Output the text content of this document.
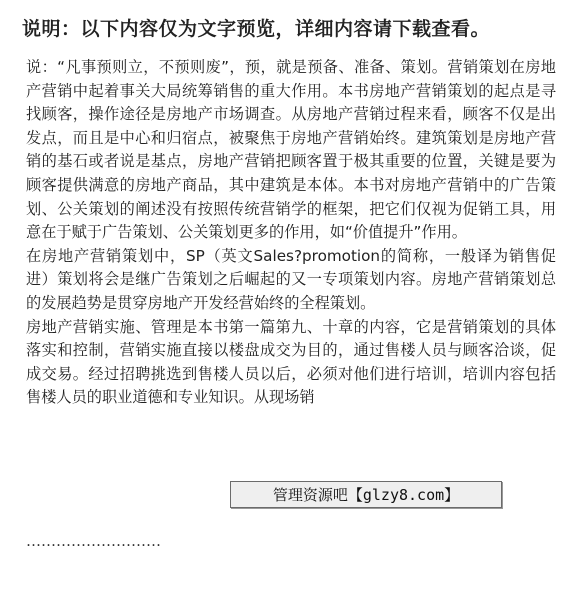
说明：以下内容仅为文字预览，详细内容请下载查看。

说：“凡事预则立，不预则废”，预，就是预备、准备、策划。营销策划在房地产营销中起着事关大局统筹销售的重大作用。本书房地产营销策划的起点是寻找顾客，操作途径是房地产市场调查。从房地产营销过程来看，顾客不仅是出发点，而且是中心和归宿点，被聚焦于房地产营销始终。建筑策划是房地产营销的基石或者说是基点，房地产营销把顾客置于极其重要的位置，关键是要为顾客提供满意的房地产商品，其中建筑是本体。本书对房地产营销中的广告策划、公关策划的阐述没有按照传统营销学的框架，把它们仅视为促销工具，用意在于赋于广告策划、公关策划更多的作用，如“价值提升”作用。

在房地产营销策划中，SP（英文Sales?promotion的简称，一般译为销售促进）策划将会是继广告策划之后崛起的又一专项策划内容。房地产营销策划总的发展趋势是贯穿房地产开发经营始终的全程策划。

房地产营销实施、管理是本书第一篇第九、十章的内容，它是营销策划的具体落实和控制，营销实施直接以楼盘成交为目的，通过售楼人员与顾客洽谈，促成交易。经过招聘挑选到售楼人员以后，必须对他们进行培训，培训内容包括售楼人员的职业道德和专业知识。从现场销

………………………
管理资源吧【glzy8.com】
